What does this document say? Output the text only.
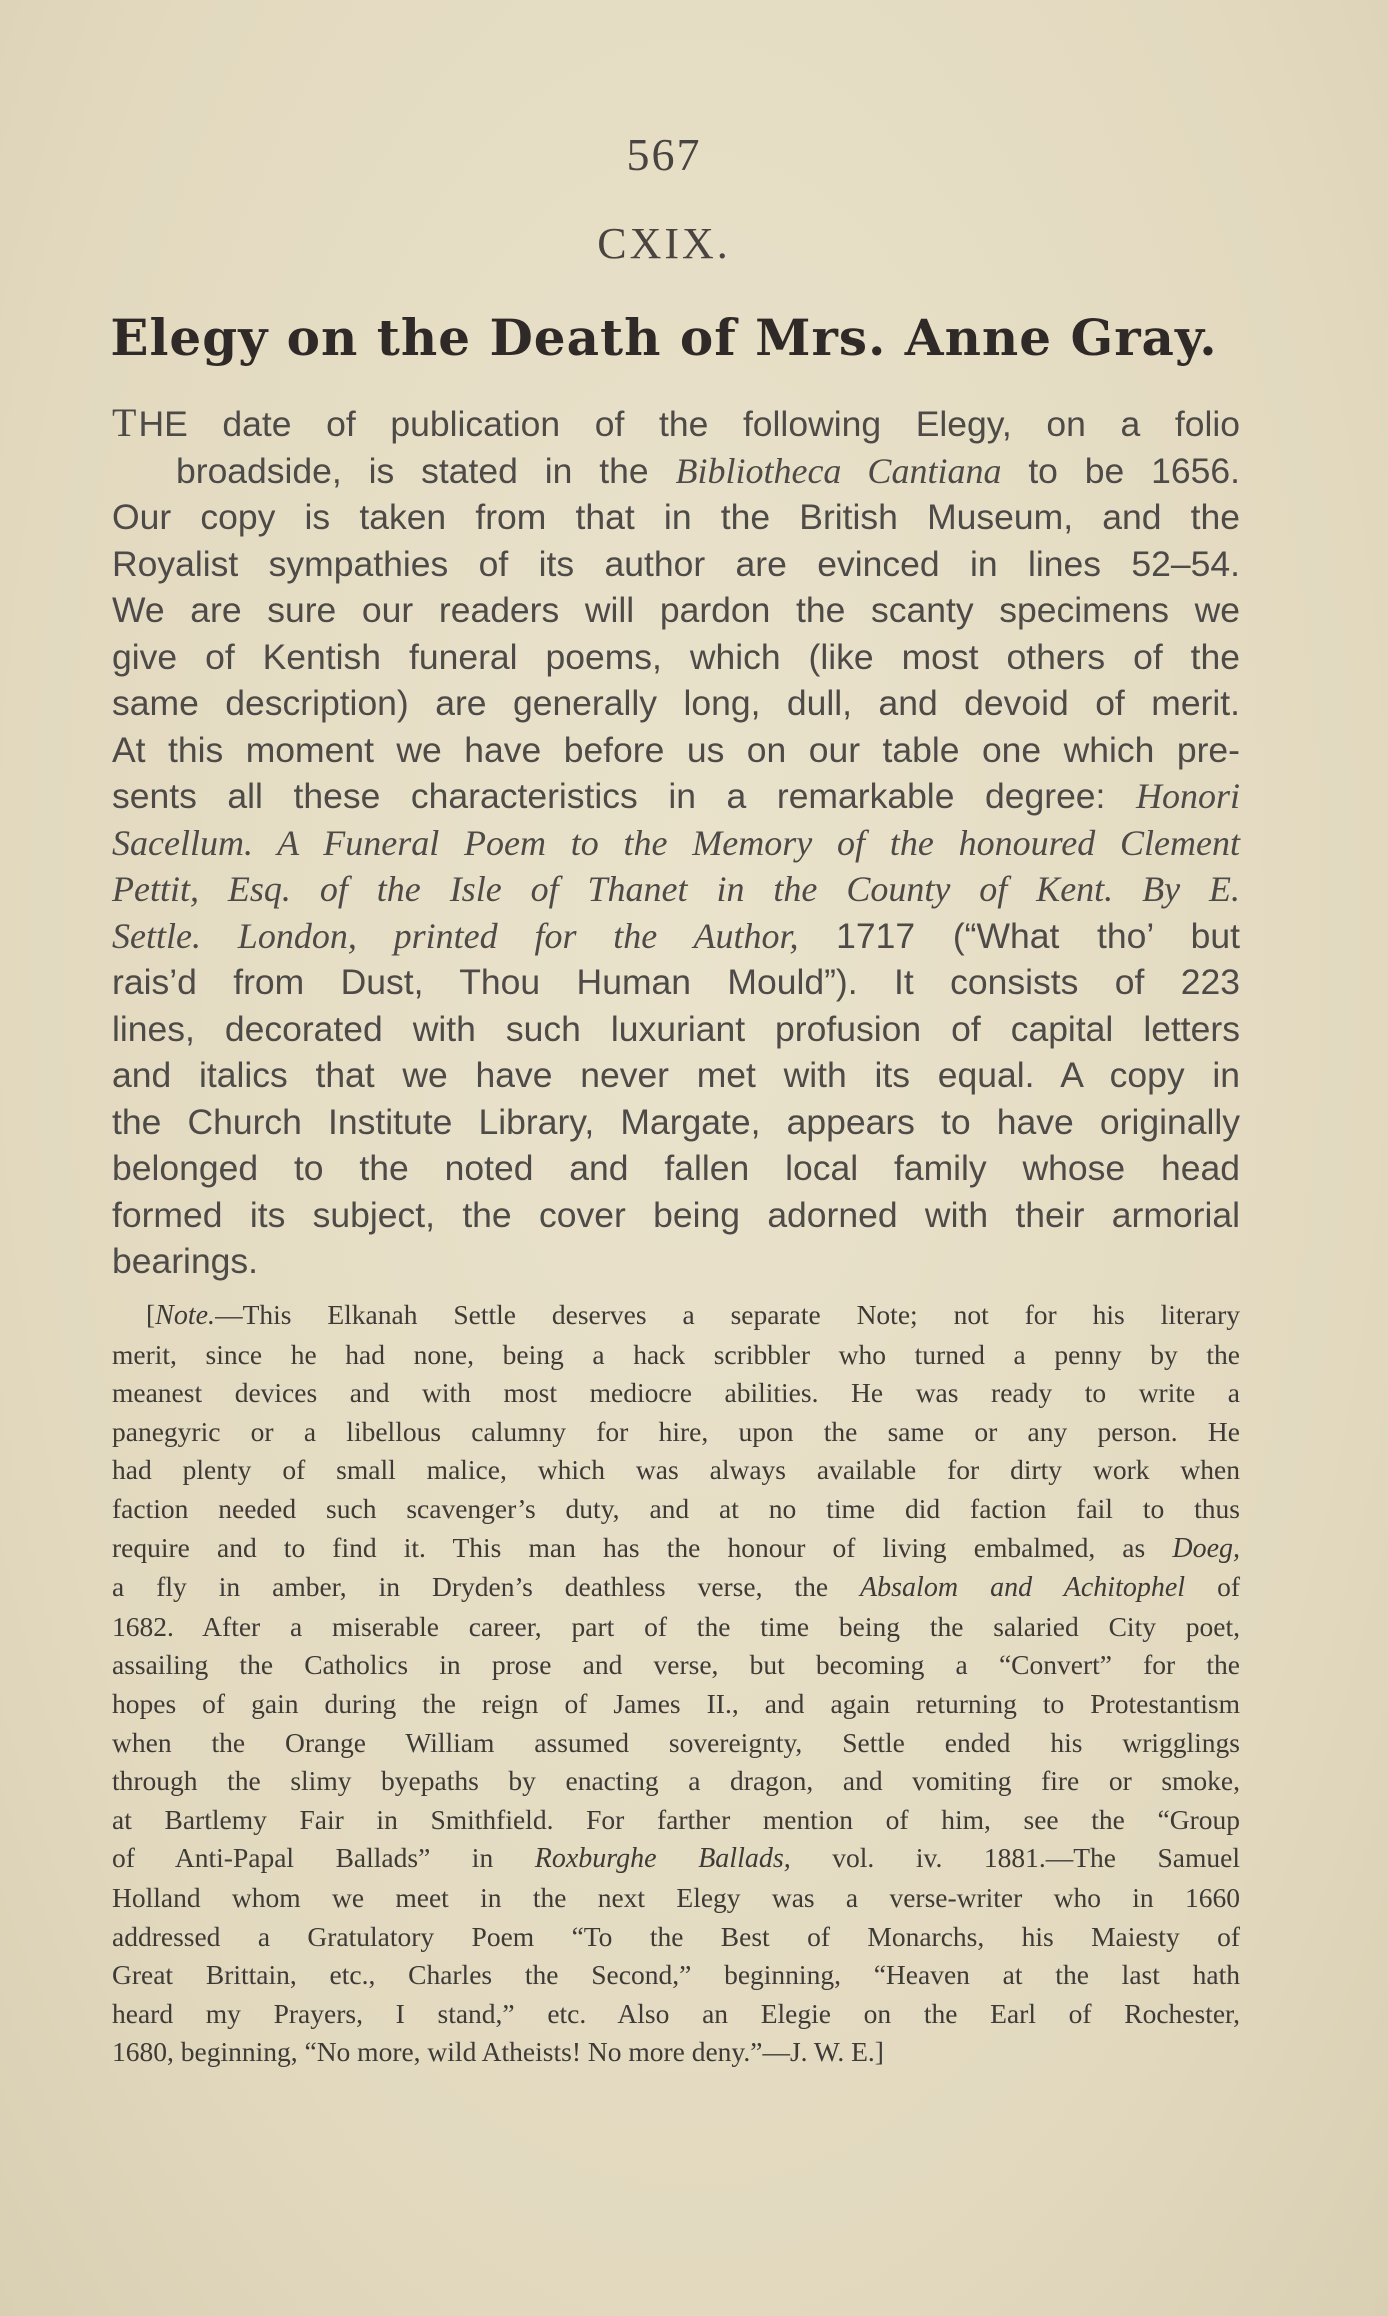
567
CXIX.
Elegy on the Death of Mrs. Anne Gray.
THE date of publication of the following Elegy, on a folio
broadside, is stated in the Bibliotheca Cantiana to be 1656.
Our copy is taken from that in the British Museum, and the
Royalist sympathies of its author are evinced in lines 52–54.
We are sure our readers will pardon the scanty specimens we
give of Kentish funeral poems, which (like most others of the
same description) are generally long, dull, and devoid of merit.
At this moment we have before us on our table one which pre-
sents all these characteristics in a remarkable degree: Honori
Sacellum. A Funeral Poem to the Memory of the honoured Clement
Pettit, Esq. of the Isle of Thanet in the County of Kent. By E.
Settle. London, printed for the Author, 1717 (“What tho’ but
rais’d from Dust, Thou Human Mould”). It consists of 223
lines, decorated with such luxuriant profusion of capital letters
and italics that we have never met with its equal. A copy in
the Church Institute Library, Margate, appears to have originally
belonged to the noted and fallen local family whose head
formed its subject, the cover being adorned with their armorial
bearings.
[Note.—This Elkanah Settle deserves a separate Note; not for his literary
merit, since he had none, being a hack scribbler who turned a penny by the
meanest devices and with most mediocre abilities. He was ready to write a
panegyric or a libellous calumny for hire, upon the same or any person. He
had plenty of small malice, which was always available for dirty work when
faction needed such scavenger’s duty, and at no time did faction fail to thus
require and to find it. This man has the honour of living embalmed, as Doeg,
a fly in amber, in Dryden’s deathless verse, the Absalom and Achitophel of
1682. After a miserable career, part of the time being the salaried City poet,
assailing the Catholics in prose and verse, but becoming a “Convert” for the
hopes of gain during the reign of James II., and again returning to Protestantism
when the Orange William assumed sovereignty, Settle ended his wrigglings
through the slimy byepaths by enacting a dragon, and vomiting fire or smoke,
at Bartlemy Fair in Smithfield. For farther mention of him, see the “Group
of Anti-Papal Ballads” in Roxburghe Ballads, vol. iv. 1881.—The Samuel
Holland whom we meet in the next Elegy was a verse-writer who in 1660
addressed a Gratulatory Poem “To the Best of Monarchs, his Maiesty of
Great Brittain, etc., Charles the Second,” beginning, “Heaven at the last hath
heard my Prayers, I stand,” etc. Also an Elegie on the Earl of Rochester,
1680, beginning, “No more, wild Atheists! No more deny.”—J. W. E.]
